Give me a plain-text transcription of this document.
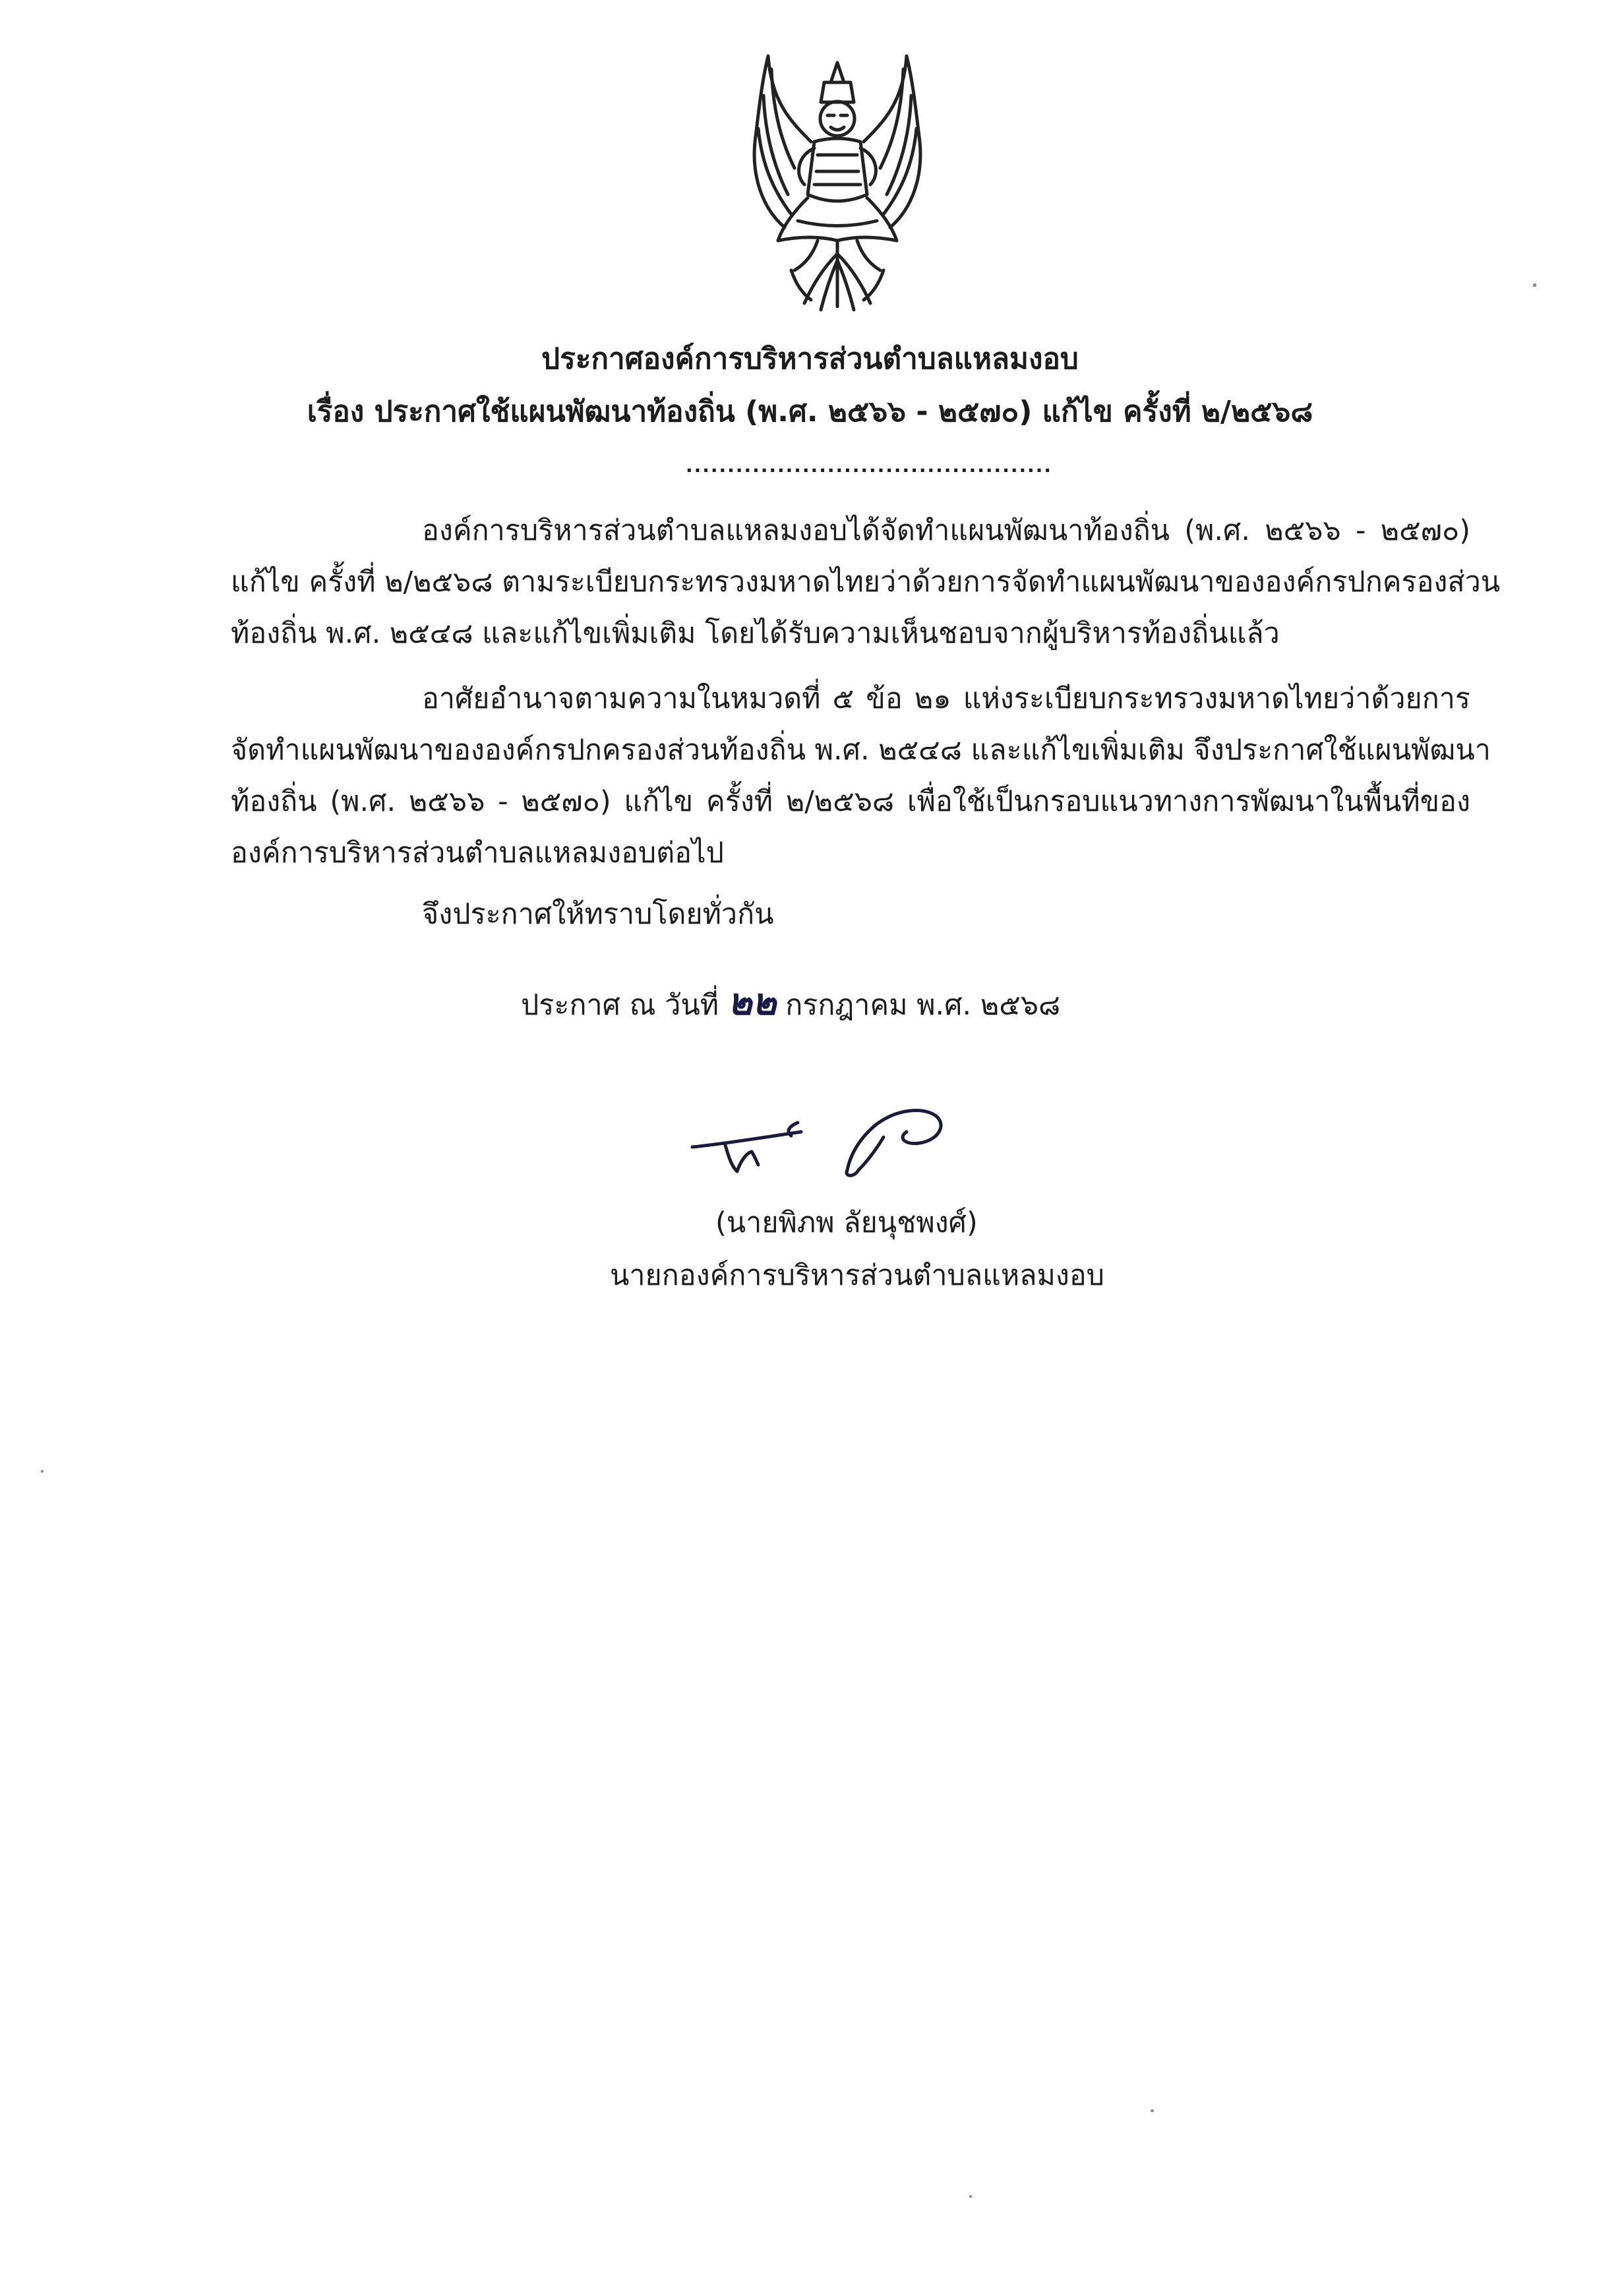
ประกาศองค์การบริหารส่วนตำบลแหลมงอบ
เรื่อง ประกาศใช้แผนพัฒนาท้องถิ่น (พ.ศ. ๒๕๖๖ - ๒๕๗๐) แก้ไข ครั้งที่ ๒/๒๕๖๘
............................................
องค์การบริหารส่วนตำบลแหลมงอบได้จัดทำแผนพัฒนาท้องถิ่น (พ.ศ. ๒๕๖๖ - ๒๕๗๐)
แก้ไข ครั้งที่ ๒/๒๕๖๘ ตามระเบียบกระทรวงมหาดไทยว่าด้วยการจัดทำแผนพัฒนาขององค์กรปกครองส่วน
ท้องถิ่น พ.ศ. ๒๕๔๘ และแก้ไขเพิ่มเติม โดยได้รับความเห็นชอบจากผู้บริหารท้องถิ่นแล้ว
อาศัยอำนาจตามความในหมวดที่ ๕ ข้อ ๒๑ แห่งระเบียบกระทรวงมหาดไทยว่าด้วยการ
จัดทำแผนพัฒนาขององค์กรปกครองส่วนท้องถิ่น พ.ศ. ๒๕๔๘ และแก้ไขเพิ่มเติม จึงประกาศใช้แผนพัฒนา
ท้องถิ่น (พ.ศ. ๒๕๖๖ - ๒๕๗๐) แก้ไข ครั้งที่ ๒/๒๕๖๘ เพื่อใช้เป็นกรอบแนวทางการพัฒนาในพื้นที่ของ
องค์การบริหารส่วนตำบลแหลมงอบต่อไป
จึงประกาศให้ทราบโดยทั่วกัน
ประกาศ ณ วันที่ ๒๒ กรกฎาคม พ.ศ. ๒๕๖๘
(นายพิภพ ลัยนุชพงศ์)
นายกองค์การบริหารส่วนตำบลแหลมงอบ
